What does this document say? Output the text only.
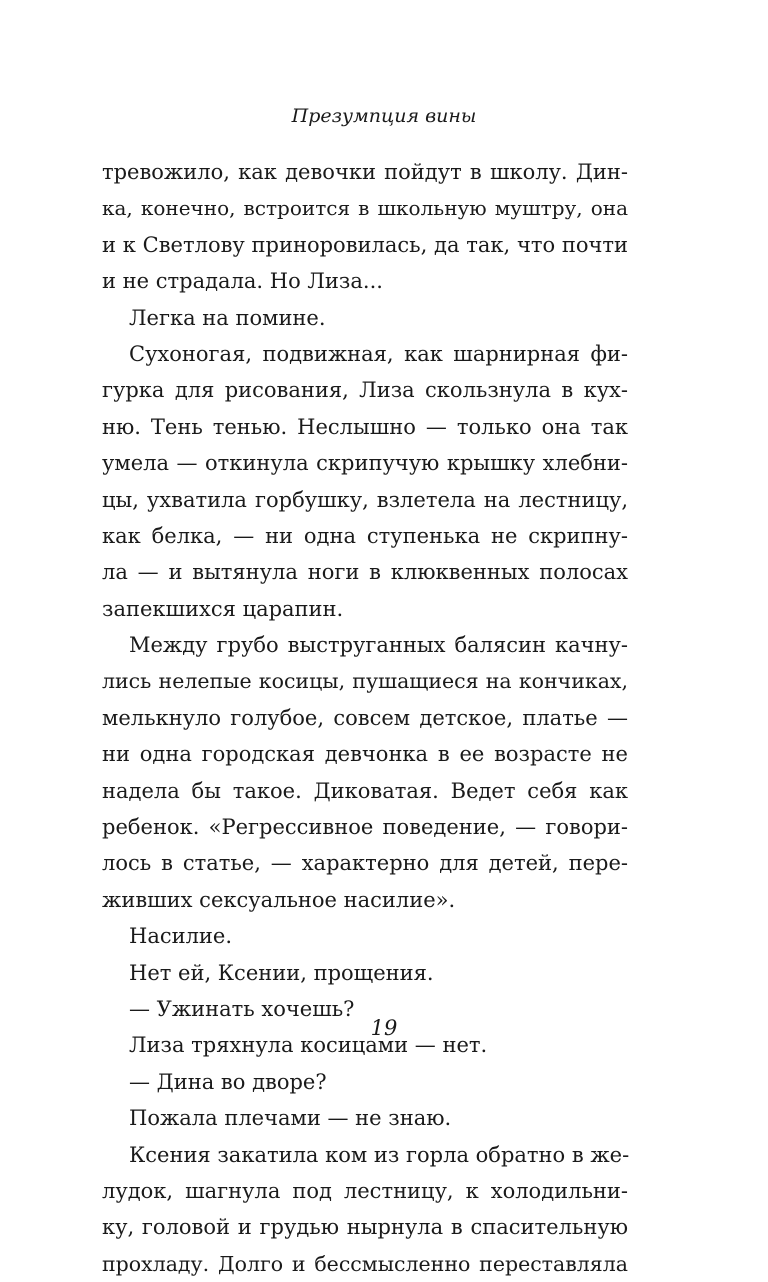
Презумпция вины
тревожило, как девочки пойдут в школу. Дин-
ка, конечно, встроится в школьную муштру, она
и к Светлову приноровилась, да так, что почти
и не страдала. Но Лиза...
Легка на помине.
Сухоногая, подвижная, как шарнирная фи-
гурка для рисования, Лиза скользнула в кух-
ню. Тень тенью. Неслышно — только она так
умела — откинула скрипучую крышку хлебни-
цы, ухватила горбушку, взлетела на лестницу,
как белка, — ни одна ступенька не скрипну-
ла — и вытянула ноги в клюквенных полосах
запекшихся царапин.
Между грубо выструганных балясин качну-
лись нелепые косицы, пушащиеся на кончиках,
мелькнуло голубое, совсем детское, платье —
ни одна городская девчонка в ее возрасте не
надела бы такое. Диковатая. Ведет себя как
ребенок. «Регрессивное поведение, — говори-
лось в статье, — характерно для детей, пере-
живших сексуальное насилие».
Насилие.
Нет ей, Ксении, прощения.
— Ужинать хочешь?
Лиза тряхнула косицами — нет.
— Дина во дворе?
Пожала плечами — не знаю.
Ксения закатила ком из горла обратно в же-
лудок, шагнула под лестницу, к холодильни-
ку, головой и грудью нырнула в спасительную
прохладу. Долго и бессмысленно переставляла
19
